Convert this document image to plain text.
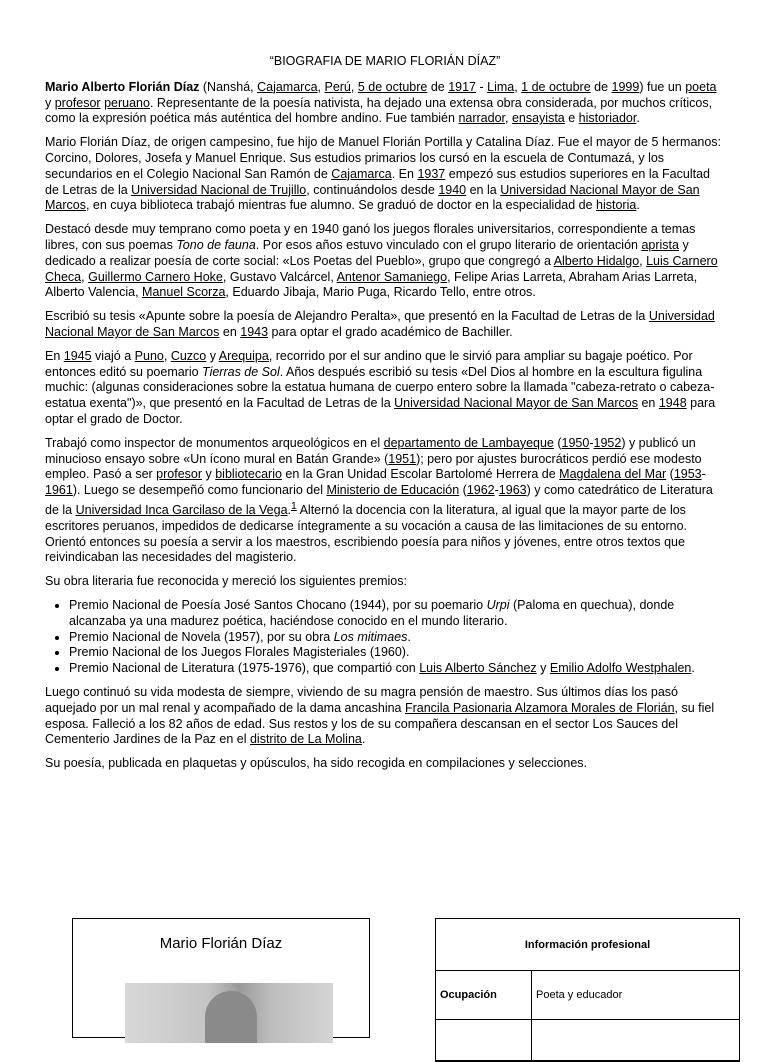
“BIOGRAFIA DE MARIO FLORIÁN DÍAZ”

Mario Alberto Florián Díaz (Nanshá, Cajamarca, Perú, 5 de octubre de 1917 - Lima, 1 de octubre de 1999) fue un poeta y profesor peruano. Representante de la poesía nativista, ha dejado una extensa obra considerada, por muchos críticos, como la expresión poética más auténtica del hombre andino. Fue también narrador, ensayista e historiador.

Mario Florián Díaz, de origen campesino, fue hijo de Manuel Florián Portilla y Catalina Díaz. Fue el mayor de 5 hermanos: Corcino, Dolores, Josefa y Manuel Enrique. Sus estudios primarios los cursó en la escuela de Contumazá, y los secundarios en el Colegio Nacional San Ramón de Cajamarca. En 1937 empezó sus estudios superiores en la Facultad de Letras de la Universidad Nacional de Trujillo, continuándolos desde 1940 en la Universidad Nacional Mayor de San Marcos, en cuya biblioteca trabajó mientras fue alumno. Se graduó de doctor en la especialidad de historia.

Destacó desde muy temprano como poeta y en 1940 ganó los juegos florales universitarios, correspondiente a temas libres, con sus poemas Tono de fauna. Por esos años estuvo vinculado con el grupo literario de orientación aprista y dedicado a realizar poesía de corte social: «Los Poetas del Pueblo», grupo que congregó a Alberto Hidalgo, Luis Carnero Checa, Guillermo Carnero Hoke, Gustavo Valcárcel, Antenor Samaniego, Felipe Arias Larreta, Abraham Arias Larreta, Alberto Valencia, Manuel Scorza, Eduardo Jibaja, Mario Puga, Ricardo Tello, entre otros.

Escribió su tesis «Apunte sobre la poesía de Alejandro Peralta», que presentó en la Facultad de Letras de la Universidad Nacional Mayor de San Marcos en 1943 para optar el grado académico de Bachiller.

En 1945 viajó a Puno, Cuzco y Arequipa, recorrido por el sur andino que le sirvió para ampliar su bagaje poético. Por entonces editó su poemario Tierras de Sol. Años después escribió su tesis «Del Dios al hombre en la escultura figulina muchic: (algunas consideraciones sobre la estatua humana de cuerpo entero sobre la llamada "cabeza-retrato o cabeza-estatua exenta")», que presentó en la Facultad de Letras de la Universidad Nacional Mayor de San Marcos en 1948 para optar el grado de Doctor.

Trabajó como inspector de monumentos arqueológicos en el departamento de Lambayeque (1950-1952) y publicó un minucioso ensayo sobre «Un ícono mural en Batán Grande» (1951); pero por ajustes burocráticos perdió ese modesto empleo. Pasó a ser profesor y bibliotecario en la Gran Unidad Escolar Bartolomé Herrera de Magdalena del Mar (1953-1961). Luego se desempeñó como funcionario del Ministerio de Educación (1962-1963) y como catedrático de Literatura de la Universidad Inca Garcilaso de la Vega.$^1$ Alternó la docencia con la literatura, al igual que la mayor parte de los escritores peruanos, impedidos de dedicarse íntegramente a su vocación a causa de las limitaciones de su entorno. Orientó entonces su poesía a servir a los maestros, escribiendo poesía para niños y jóvenes, entre otros textos que reivindicaban las necesidades del magisterio.

Su obra literaria fue reconocida y mereció los siguientes premios:

• Premio Nacional de Poesía José Santos Chocano (1944), por su poemario Urpi (Paloma en quechua), donde alcanzaba ya una madurez poética, haciéndose conocido en el mundo literario.
• Premio Nacional de Novela (1957), por su obra Los mitimaes.
• Premio Nacional de los Juegos Florales Magisteriales (1960).
• Premio Nacional de Literatura (1975-1976), que compartió con Luis Alberto Sánchez y Emilio Adolfo Westphalen.

Luego continuó su vida modesta de siempre, viviendo de su magra pensión de maestro. Sus últimos días los pasó aquejado por un mal renal y acompañado de la dama ancashina Francila Pasionaria Alzamora Morales de Florián, su fiel esposa. Falleció a los 82 años de edad. Sus restos y los de su compañera descansan en el sector Los Sauces del Cementerio Jardines de la Paz en el distrito de La Molina.

Su poesía, publicada en plaquetas y opúsculos, ha sido recogida en compilaciones y selecciones.

Mario Florián Díaz	Información profesional
Ocupación	Poeta y educador
